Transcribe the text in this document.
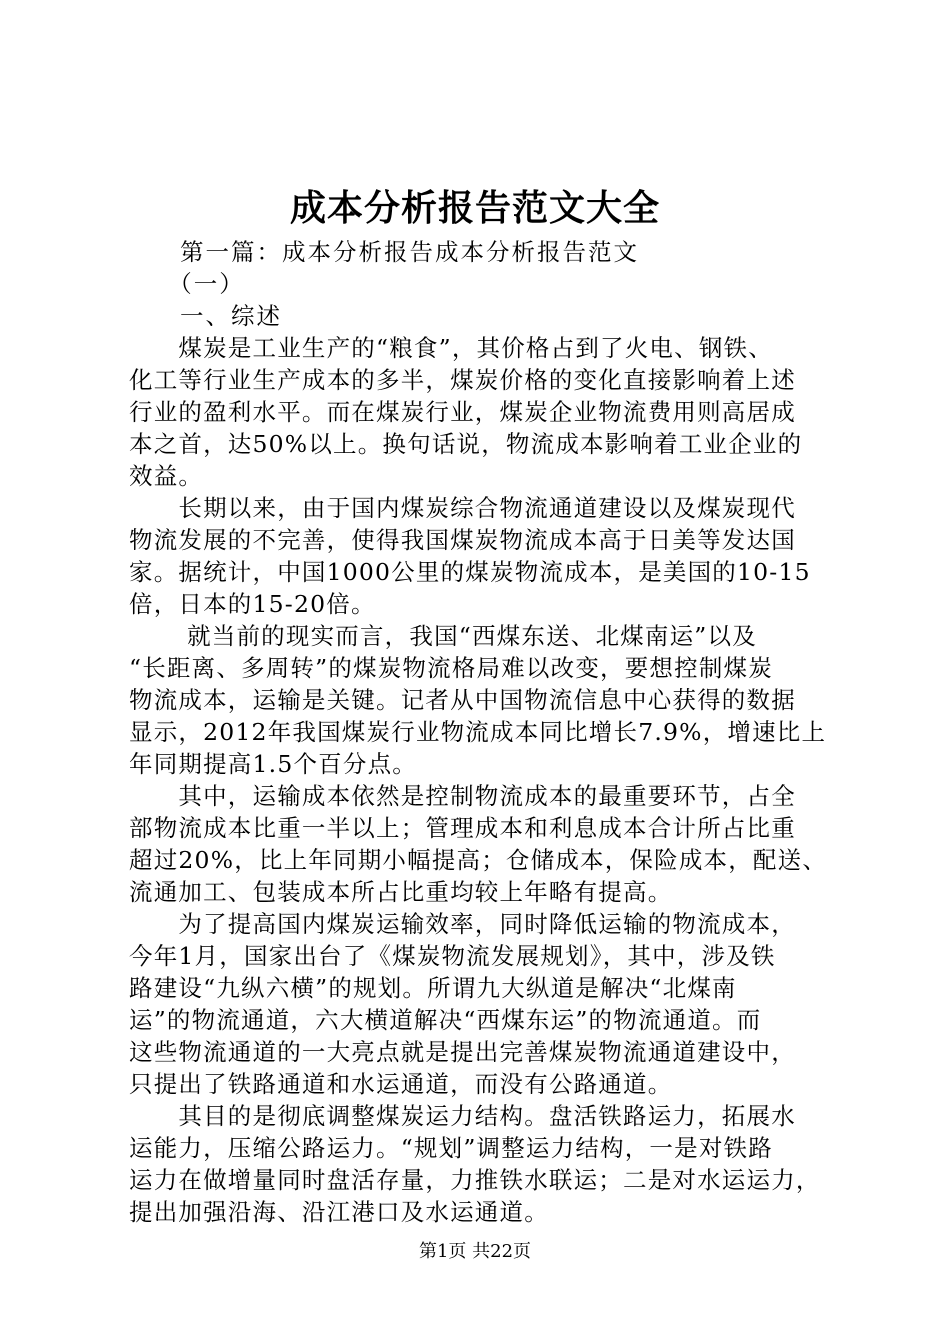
成本分析报告范文大全
　　第一篇：成本分析报告成本分析报告范文
　　（一）
　　一、综述
　　煤炭是工业生产的“粮食”，其价格占到了火电、钢铁、
化工等行业生产成本的多半，煤炭价格的变化直接影响着上述
行业的盈利水平。而在煤炭行业，煤炭企业物流费用则高居成
本之首，达50%以上。换句话说，物流成本影响着工业企业的
效益。
　　长期以来，由于国内煤炭综合物流通道建设以及煤炭现代
物流发展的不完善，使得我国煤炭物流成本高于日美等发达国
家。据统计，中国1000公里的煤炭物流成本，是美国的10-15
倍，日本的15-20倍。
　　 就当前的现实而言，我国“西煤东送、北煤南运”以及
“长距离、多周转”的煤炭物流格局难以改变，要想控制煤炭
物流成本，运输是关键。记者从中国物流信息中心获得的数据
显示，2012年我国煤炭行业物流成本同比增长7.9%，增速比上
年同期提高1.5个百分点。
　　其中，运输成本依然是控制物流成本的最重要环节，占全
部物流成本比重一半以上；管理成本和利息成本合计所占比重
超过20%，比上年同期小幅提高；仓储成本，保险成本，配送、
流通加工、包装成本所占比重均较上年略有提高。
　　为了提高国内煤炭运输效率，同时降低运输的物流成本，
今年1月，国家出台了《煤炭物流发展规划》，其中，涉及铁
路建设“九纵六横”的规划。所谓九大纵道是解决“北煤南
运”的物流通道，六大横道解决“西煤东运”的物流通道。而
这些物流通道的一大亮点就是提出完善煤炭物流通道建设中，
只提出了铁路通道和水运通道，而没有公路通道。
　　其目的是彻底调整煤炭运力结构。盘活铁路运力，拓展水
运能力，压缩公路运力。“规划”调整运力结构，一是对铁路
运力在做增量同时盘活存量，力推铁水联运；二是对水运运力，
提出加强沿海、沿江港口及水运通道。
第1页 共22页
